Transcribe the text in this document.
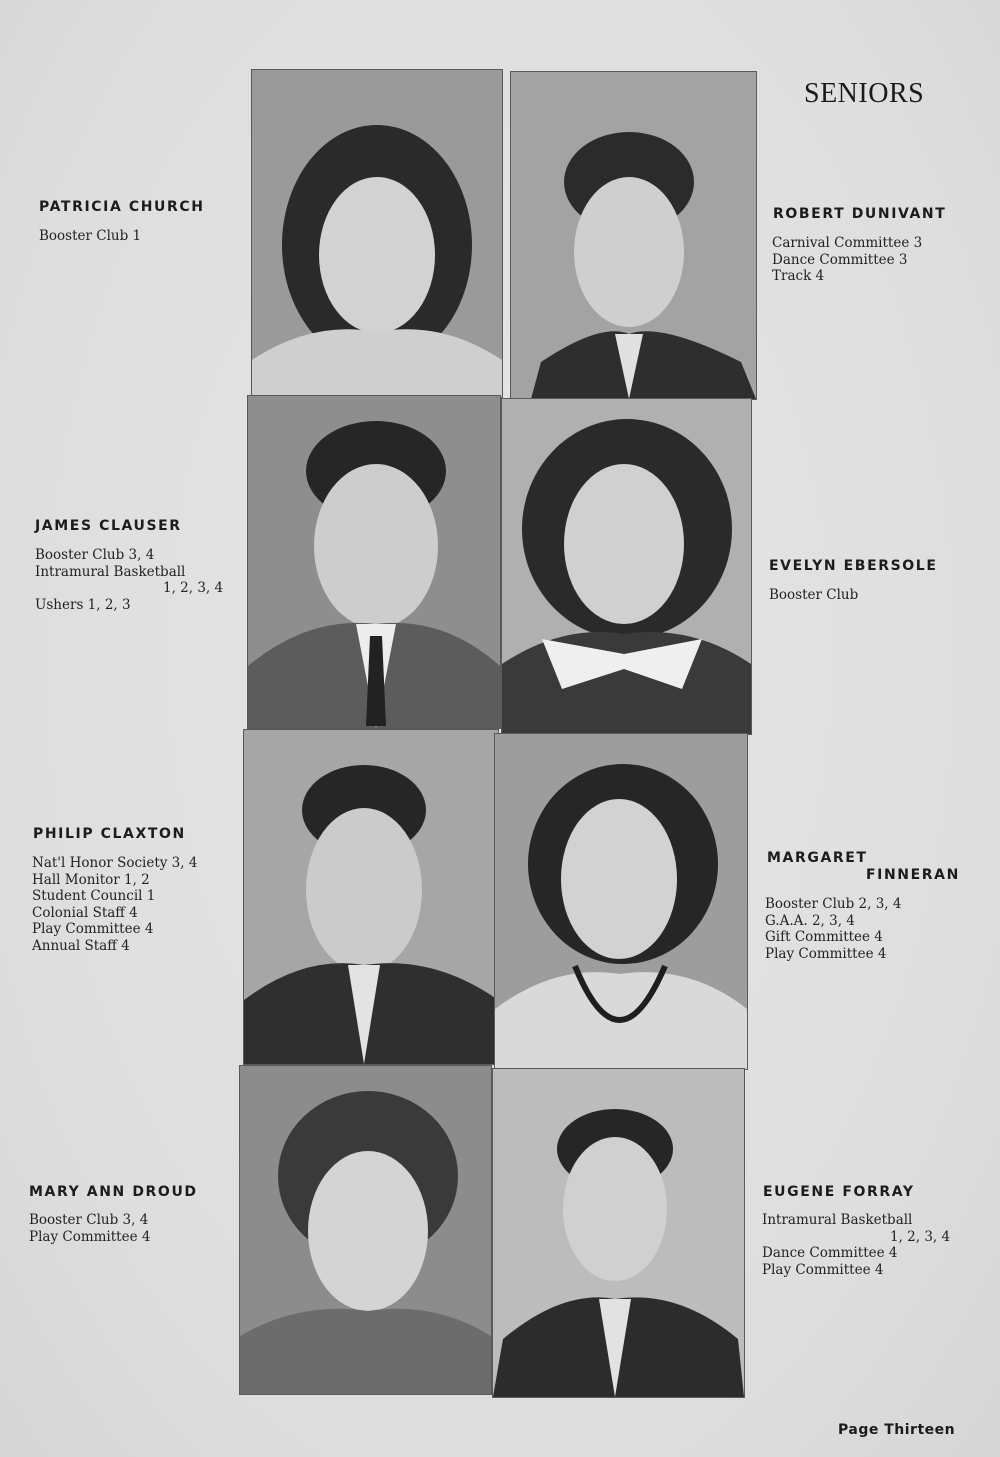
SENIORS
PATRICIA CHURCH
Booster Club 1
ROBERT DUNIVANT
Carnival Committee 3
Dance Committee 3
Track 4
JAMES CLAUSER
Booster Club 3, 4
Intramural Basketball
1, 2, 3, 4
Ushers 1, 2, 3
EVELYN EBERSOLE
Booster Club
PHILIP CLAXTON
Nat'l Honor Society 3, 4
Hall Monitor 1, 2
Student Council 1
Colonial Staff 4
Play Committee 4
Annual Staff 4
MARGARET
FINNERAN
Booster Club 2, 3, 4
G.A.A. 2, 3, 4
Gift Committee 4
Play Committee 4
MARY ANN DROUD
Booster Club 3, 4
Play Committee 4
EUGENE FORRAY
Intramural Basketball
1, 2, 3, 4
Dance Committee 4
Play Committee 4
Page Thirteen
